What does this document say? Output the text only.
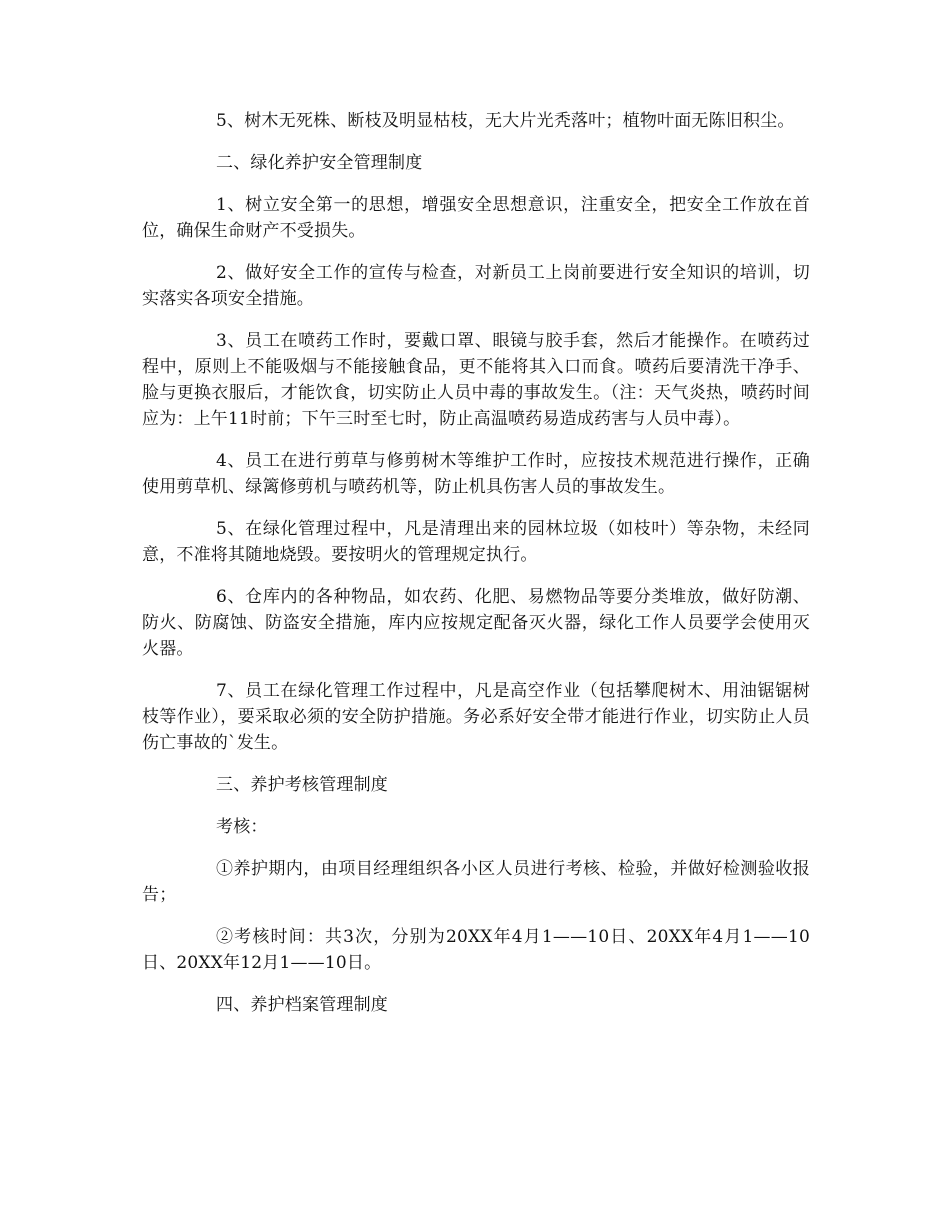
5、树木无死株、断枝及明显枯枝，无大片光秃落叶；植物叶面无陈旧积尘。

二、绿化养护安全管理制度

1、树立安全第一的思想，增强安全思想意识，注重安全，把安全工作放在首位，确保生命财产不受损失。

2、做好安全工作的宣传与检查，对新员工上岗前要进行安全知识的培训，切实落实各项安全措施。

3、员工在喷药工作时，要戴口罩、眼镜与胶手套，然后才能操作。在喷药过程中，原则上不能吸烟与不能接触食品，更不能将其入口而食。喷药后要清洗干净手、脸与更换衣服后，才能饮食，切实防止人员中毒的事故发生。（注：天气炎热，喷药时间应为：上午11时前；下午三时至七时，防止高温喷药易造成药害与人员中毒）。

4、员工在进行剪草与修剪树木等维护工作时，应按技术规范进行操作，正确使用剪草机、绿篱修剪机与喷药机等，防止机具伤害人员的事故发生。

5、在绿化管理过程中，凡是清理出来的园林垃圾（如枝叶）等杂物，未经同意，不准将其随地烧毁。要按明火的管理规定执行。

6、仓库内的各种物品，如农药、化肥、易燃物品等要分类堆放，做好防潮、防火、防腐蚀、防盗安全措施，库内应按规定配备灭火器，绿化工作人员要学会使用灭火器。

7、员工在绿化管理工作过程中，凡是高空作业（包括攀爬树木、用油锯锯树枝等作业），要采取必须的安全防护措施。务必系好安全带才能进行作业，切实防止人员伤亡事故的`发生。

三、养护考核管理制度

考核：

①养护期内，由项目经理组织各小区人员进行考核、检验，并做好检测验收报告；

②考核时间：共3次，分别为20XX年4月1——10日、20XX年4月1——10日、20XX年12月1——10日。

四、养护档案管理制度
